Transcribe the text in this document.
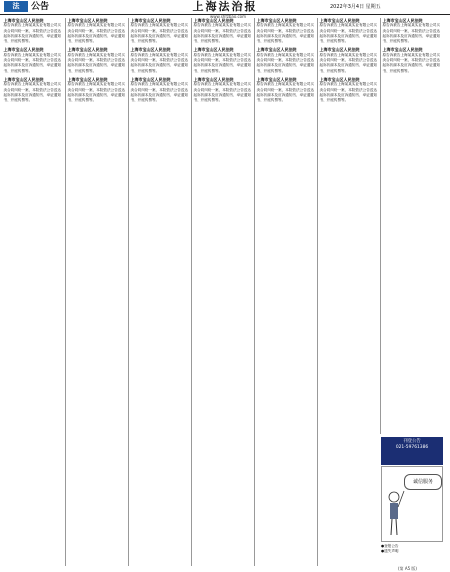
法	公告	上海法治报	2022年3月4日 星期五
www.shfzbao.com
上海市宝山区人民法院
原告诉被告上海某某实业有限公司买卖合同纠纷一案，本院依法公告送达起诉状副本及应诉通知书、举证通知书、开庭传票等。
上海市宝山区人民法院
原告诉被告上海某某实业有限公司买卖合同纠纷一案，本院依法公告送达起诉状副本及应诉通知书、举证通知书、开庭传票等。
上海市宝山区人民法院
原告诉被告上海某某实业有限公司买卖合同纠纷一案，本院依法公告送达起诉状副本及应诉通知书、举证通知书、开庭传票等。
上海市宝山区人民法院
原告诉被告上海某某实业有限公司买卖合同纠纷一案，本院依法公告送达起诉状副本及应诉通知书、举证通知书、开庭传票等。
上海市宝山区人民法院
原告诉被告上海某某实业有限公司买卖合同纠纷一案，本院依法公告送达起诉状副本及应诉通知书、举证通知书、开庭传票等。
上海市宝山区人民法院
原告诉被告上海某某实业有限公司买卖合同纠纷一案，本院依法公告送达起诉状副本及应诉通知书、举证通知书、开庭传票等。
上海市宝山区人民法院
原告诉被告上海某某实业有限公司买卖合同纠纷一案，本院依法公告送达起诉状副本及应诉通知书、举证通知书、开庭传票等。
上海市宝山区人民法院
原告诉被告上海某某实业有限公司买卖合同纠纷一案，本院依法公告送达起诉状副本及应诉通知书、举证通知书、开庭传票等。
上海市宝山区人民法院
原告诉被告上海某某实业有限公司买卖合同纠纷一案，本院依法公告送达起诉状副本及应诉通知书、举证通知书、开庭传票等。
上海市宝山区人民法院
原告诉被告上海某某实业有限公司买卖合同纠纷一案，本院依法公告送达起诉状副本及应诉通知书、举证通知书、开庭传票等。
上海市宝山区人民法院
原告诉被告上海某某实业有限公司买卖合同纠纷一案，本院依法公告送达起诉状副本及应诉通知书、举证通知书、开庭传票等。
上海市宝山区人民法院
原告诉被告上海某某实业有限公司买卖合同纠纷一案，本院依法公告送达起诉状副本及应诉通知书、举证通知书、开庭传票等。
上海市宝山区人民法院
原告诉被告上海某某实业有限公司买卖合同纠纷一案，本院依法公告送达起诉状副本及应诉通知书、举证通知书、开庭传票等。
上海市宝山区人民法院
原告诉被告上海某某实业有限公司买卖合同纠纷一案，本院依法公告送达起诉状副本及应诉通知书、举证通知书、开庭传票等。
上海市宝山区人民法院
原告诉被告上海某某实业有限公司买卖合同纠纷一案，本院依法公告送达起诉状副本及应诉通知书、举证通知书、开庭传票等。
上海市宝山区人民法院
原告诉被告上海某某实业有限公司买卖合同纠纷一案，本院依法公告送达起诉状副本及应诉通知书、举证通知书、开庭传票等。
上海市宝山区人民法院
原告诉被告上海某某实业有限公司买卖合同纠纷一案，本院依法公告送达起诉状副本及应诉通知书、举证通知书、开庭传票等。
上海市宝山区人民法院
原告诉被告上海某某实业有限公司买卖合同纠纷一案，本院依法公告送达起诉状副本及应诉通知书、举证通知书、开庭传票等。
上海市宝山区人民法院
原告诉被告上海某某实业有限公司买卖合同纠纷一案，本院依法公告送达起诉状副本及应诉通知书、举证通知书、开庭传票等。
上海市宝山区人民法院
原告诉被告上海某某实业有限公司买卖合同纠纷一案，本院依法公告送达起诉状副本及应诉通知书、举证通知书、开庭传票等。
刊登公告
021-59761386
诚信服务
●登报公告
●遗失声明
(第 A5 版)
